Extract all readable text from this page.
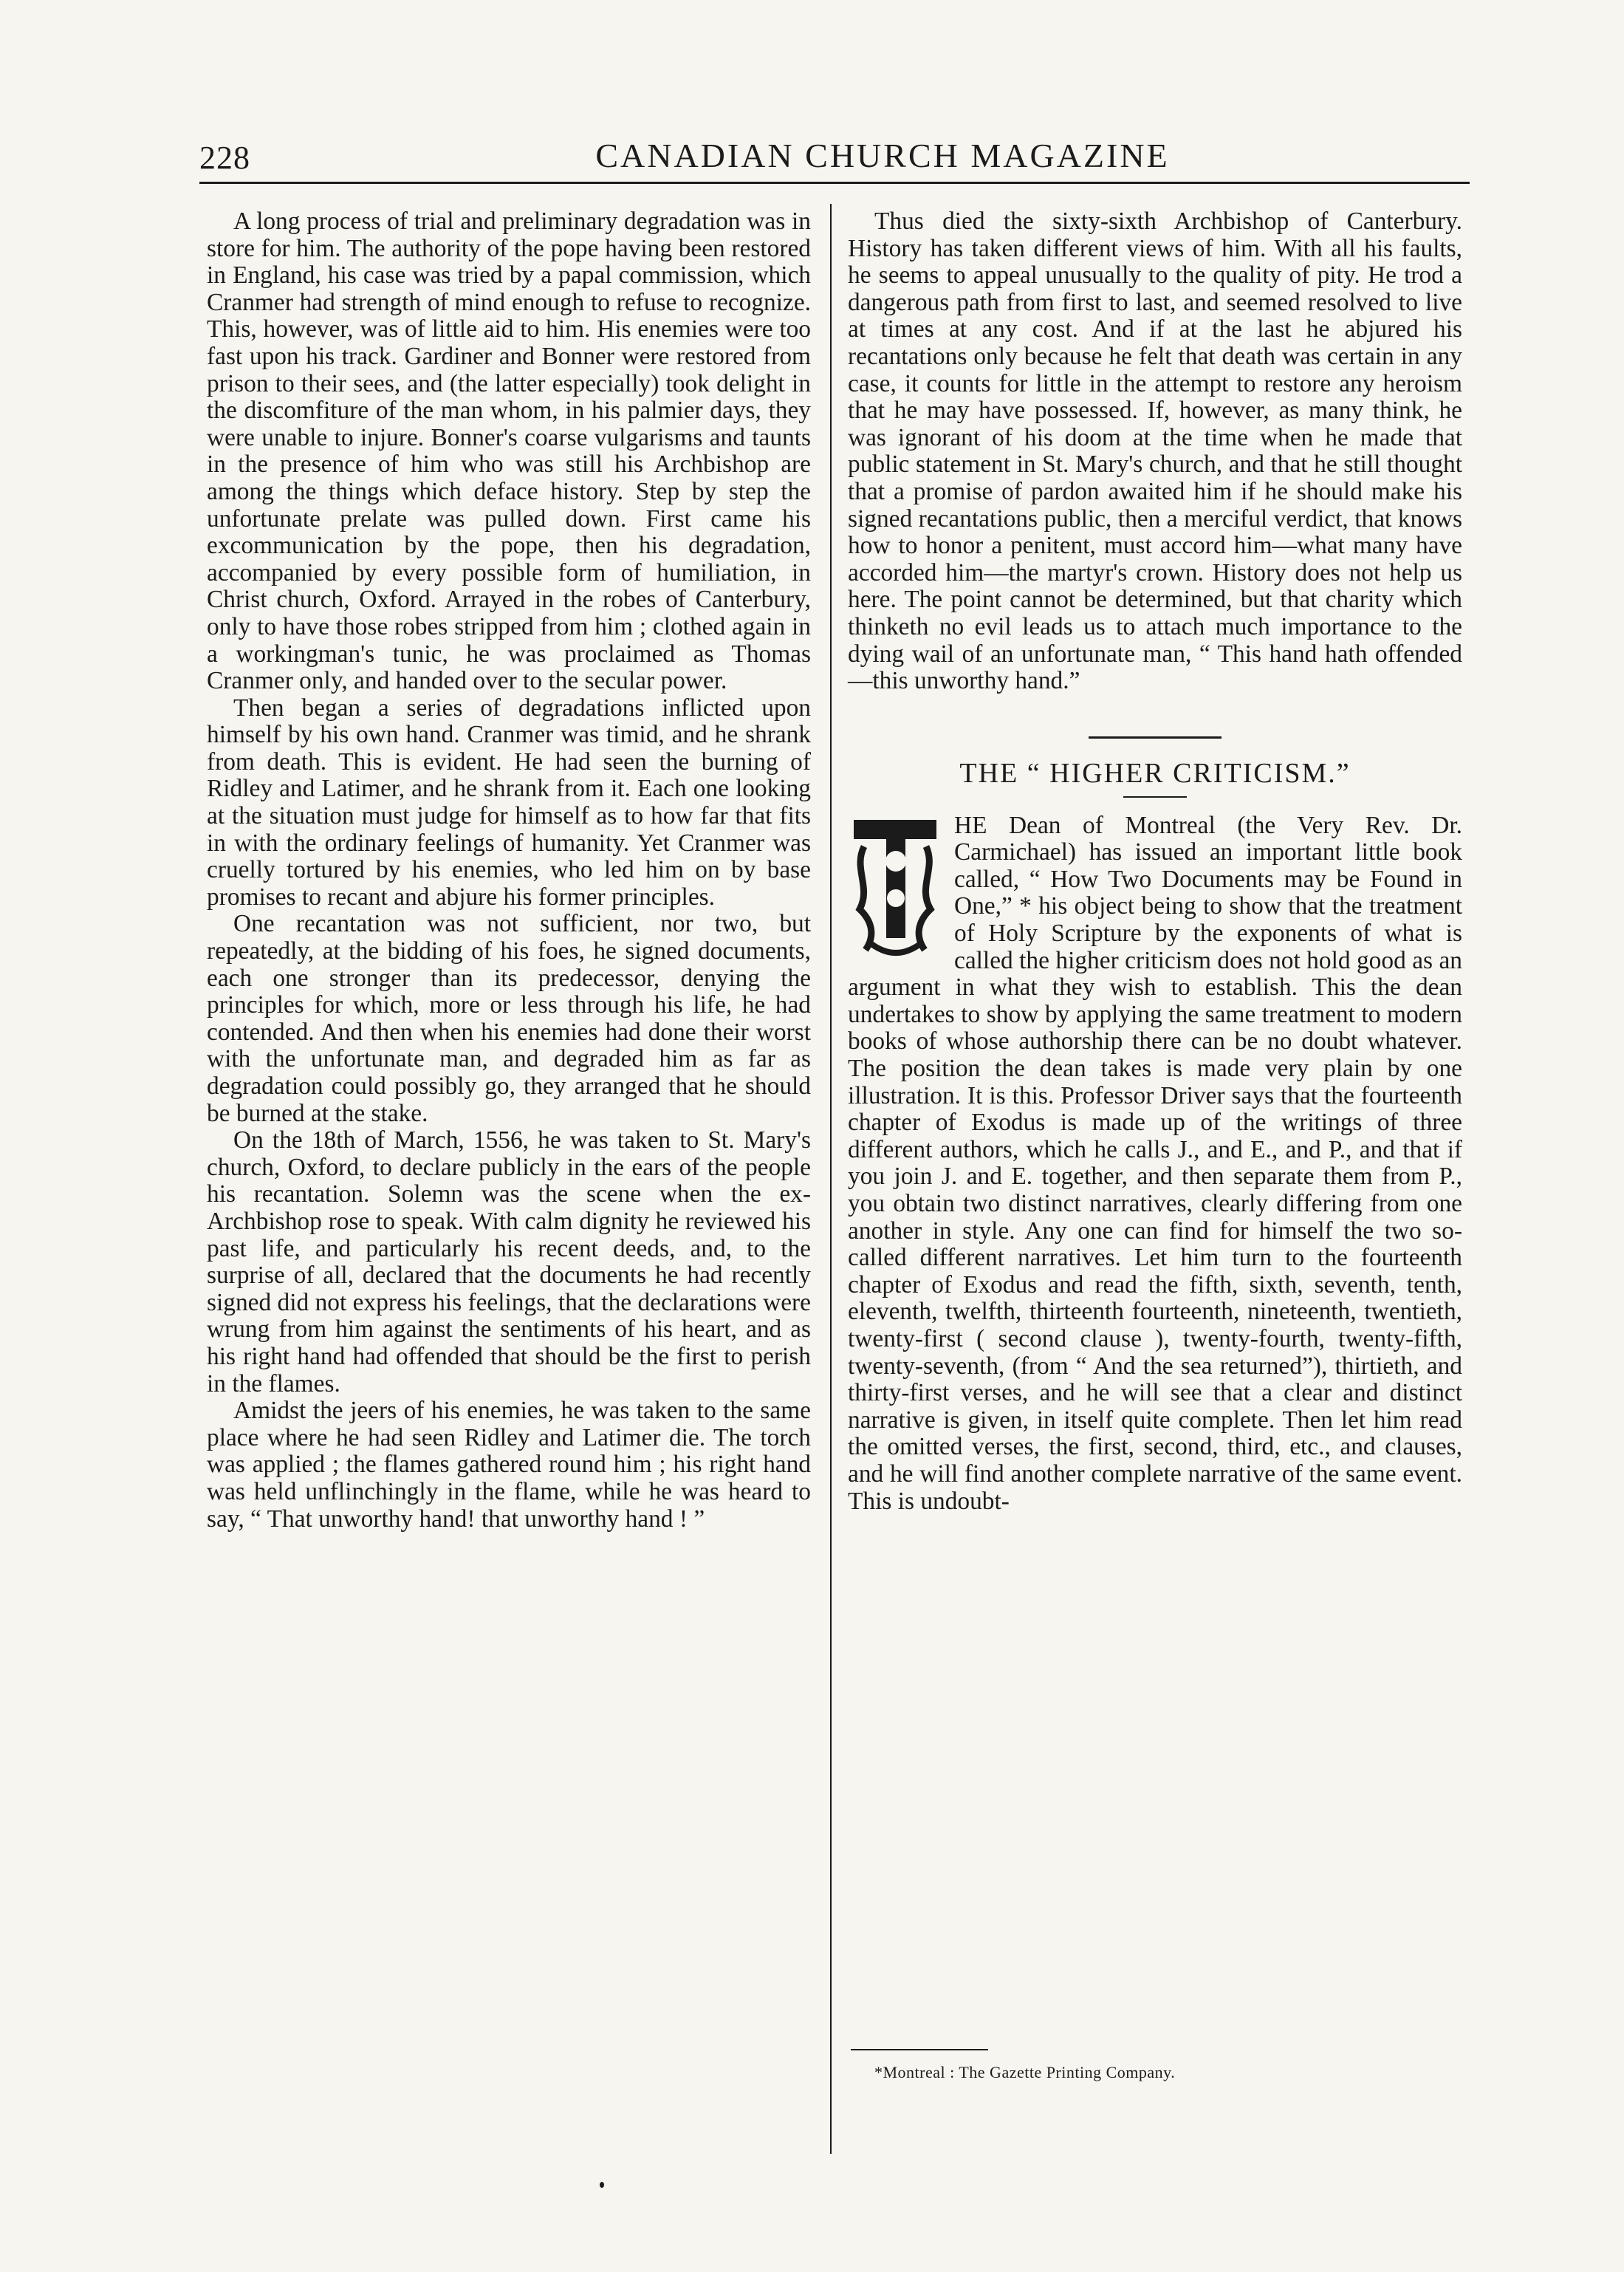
228	CANADIAN CHURCH MAGAZINE

A long process of trial and preliminary degradation was in store for him. The authority of the pope having been restored in England, his case was tried by a papal commission, which Cranmer had strength of mind enough to refuse to recognize. This, however, was of little aid to him. His enemies were too fast upon his track. Gardiner and Bonner were restored from prison to their sees, and (the latter especially) took delight in the discomfiture of the man whom, in his palmier days, they were unable to injure. Bonner's coarse vulgarisms and taunts in the presence of him who was still his Archbishop are among the things which deface history. Step by step the unfortunate prelate was pulled down. First came his excommunication by the pope, then his degradation, accompanied by every possible form of humiliation, in Christ church, Oxford. Arrayed in the robes of Canterbury, only to have those robes stripped from him ; clothed again in a workingman's tunic, he was proclaimed as Thomas Cranmer only, and handed over to the secular power.

Then began a series of degradations inflicted upon himself by his own hand. Cranmer was timid, and he shrank from death. This is evident. He had seen the burning of Ridley and Latimer, and he shrank from it. Each one looking at the situation must judge for himself as to how far that fits in with the ordinary feelings of humanity. Yet Cranmer was cruelly tortured by his enemies, who led him on by base promises to recant and abjure his former principles.

One recantation was not sufficient, nor two, but repeatedly, at the bidding of his foes, he signed documents, each one stronger than its predecessor, denying the principles for which, more or less through his life, he had contended. And then when his enemies had done their worst with the unfortunate man, and degraded him as far as degradation could possibly go, they arranged that he should be burned at the stake.

On the 18th of March, 1556, he was taken to St. Mary's church, Oxford, to declare publicly in the ears of the people his recantation. Solemn was the scene when the ex-Archbishop rose to speak. With calm dignity he reviewed his past life, and particularly his recent deeds, and, to the surprise of all, declared that the documents he had recently signed did not express his feelings, that the declarations were wrung from him against the sentiments of his heart, and as his right hand had offended that should be the first to perish in the flames.

Amidst the jeers of his enemies, he was taken to the same place where he had seen Ridley and Latimer die. The torch was applied ; the flames gathered round him ; his right hand was held unflinchingly in the flame, while he was heard to say, “ That unworthy hand! that unworthy hand ! ”

Thus died the sixty-sixth Archbishop of Canterbury. History has taken different views of him. With all his faults, he seems to appeal unusually to the quality of pity. He trod a dangerous path from first to last, and seemed resolved to live at times at any cost. And if at the last he abjured his recantations only because he felt that death was certain in any case, it counts for little in the attempt to restore any heroism that he may have possessed. If, however, as many think, he was ignorant of his doom at the time when he made that public statement in St. Mary's church, and that he still thought that a promise of pardon awaited him if he should make his signed recantations public, then a merciful verdict, that knows how to honor a penitent, must accord him—what many have accorded him—the martyr's crown. History does not help us here. The point cannot be determined, but that charity which thinketh no evil leads us to attach much importance to the dying wail of an unfortunate man, “ This hand hath offended—this unworthy hand.”

THE “ HIGHER CRITICISM.”
T	HE Dean of Montreal (the Very Rev. Dr. Carmichael) has issued an important little book called, “ How Two Documents may be Found in One,” * his object being to show that the treatment of Holy Scripture by the exponents of what is called the higher criticism does not hold good as an argument in what they wish to establish. This the dean undertakes to show by applying the same treatment to modern books of whose authorship there can be no doubt whatever. The position the dean takes is made very plain by one illustration. It is this. Professor Driver says that the fourteenth chapter of Exodus is made up of the writings of three different authors, which he calls J., and E., and P., and that if you join J. and E. together, and then separate them from P., you obtain two distinct narratives, clearly differing from one another in style. Any one can find for himself the two so-called different narratives. Let him turn to the fourteenth chapter of Exodus and read the fifth, sixth, seventh, tenth, eleventh, twelfth, thirteenth fourteenth, nineteenth, twentieth, twenty-first ( second clause ), twenty-fourth, twenty-fifth, twenty-seventh, (from “ And the sea returned”), thirtieth, and thirty-first verses, and he will see that a clear and distinct narrative is given, in itself quite complete. Then let him read the omitted verses, the first, second, third, etc., and clauses, and he will find another complete narrative of the same event. This is undoubt-

*Montreal : The Gazette Printing Company.
